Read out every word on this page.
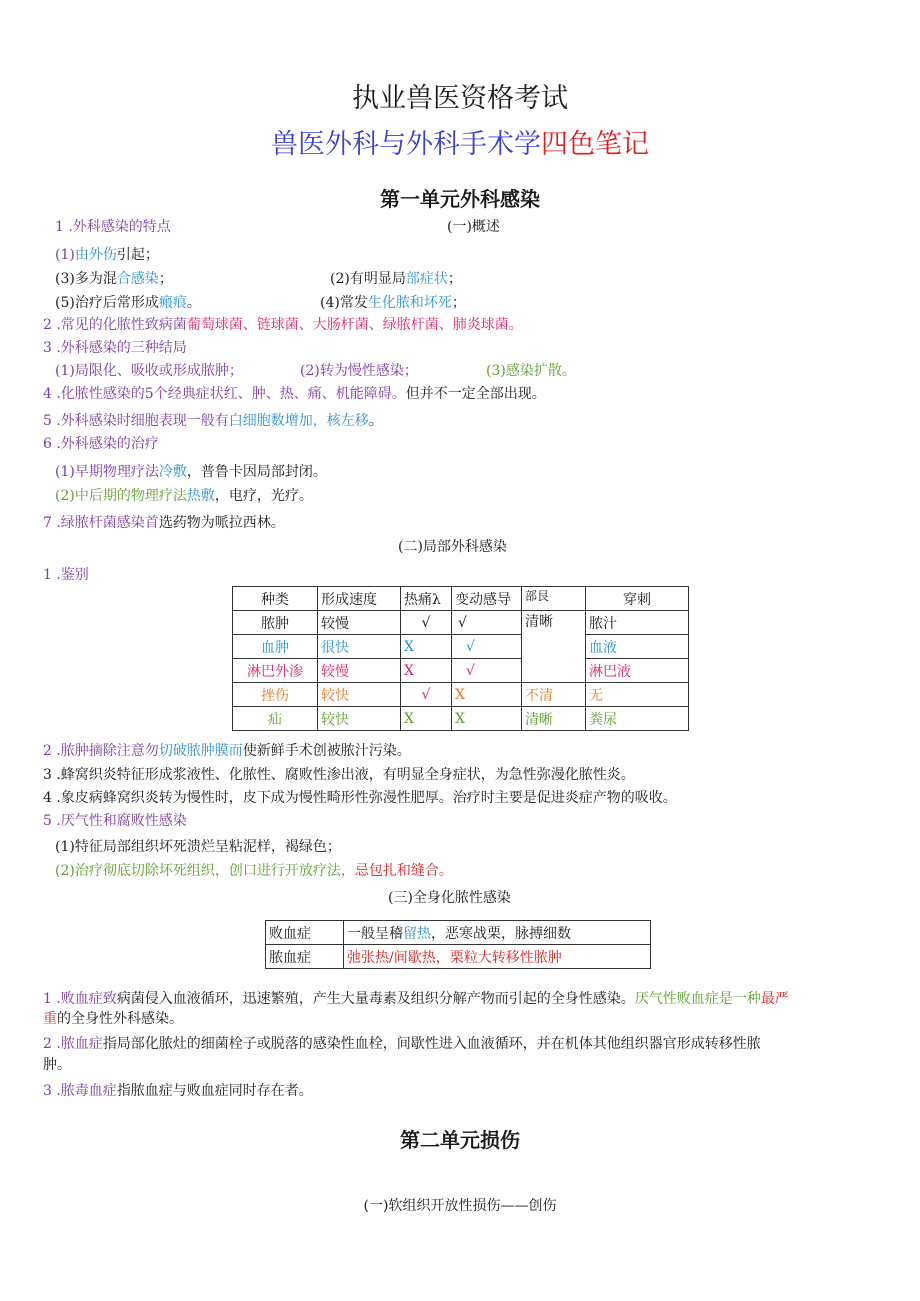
执业兽医资格考试
兽医外科与外科手术学四色笔记
第一单元外科感染
(一)概述
1 .外科感染的特点
(1)由外伤引起；
(3)多为混合感染；	(2)有明显局部症状；
(5)治疗后常形成瘢痕。	(4)常发生化脓和坏死；
2 .常见的化脓性致病菌葡萄球菌、链球菌、大肠杆菌、绿脓杆菌、肺炎球菌。
3 .外科感染的三种结局
(1)局限化、吸收或形成脓肿；	(2)转为慢性感染；	(3)感染扩散。
4 .化脓性感染的5个经典症状红、肿、热、痛、机能障碍。但并不一定全部出现。
5 .外科感染时细胞表现一般有白细胞数增加，核左移。
6 .外科感染的治疗
(1)早期物理疗法冷敷，普鲁卡因局部封闭。
(2)中后期的物理疗法热敷，电疗，光疗。
7 .绿脓杆菌感染首选药物为哌拉西林。
(二)局部外科感染
1 .鉴别
种类	形成速度	热痛λ	变动感导	部艮	穿刺
脓肿	较慢	√	√	清晰	脓汁
血肿	很快	X	√		血液
淋巴外渗	较慢	X	√		淋巴液
挫伤	较快	√	X	不清	无
疝	较快	X	X	清晰	粪尿
2 .脓肿摘除注意勿切破脓肿膜而使新鲜手术创被脓汁污染。
3 .蜂窝织炎特征形成浆液性、化脓性、腐败性渗出液，有明显全身症状，为急性弥漫化脓性炎。
4 .象皮病蜂窝织炎转为慢性时，皮下成为慢性畸形性弥漫性肥厚。治疗时主要是促进炎症产物的吸收。
5 .厌气性和腐败性感染
(1)特征局部组织坏死溃烂呈粘泥样，褐绿色；
(2)治疗彻底切除坏死组织，创口进行开放疗法，忌包扎和缝合。
(三)全身化脓性感染
败血症	一般呈稽留热，恶寒战栗，脉搏细数
脓血症	弛张热/间歇热，栗粒大转移性脓肿
1 .败血症致病菌侵入血液循环，迅速繁殖，产生大量毒素及组织分解产物而引起的全身性感染。厌气性败血症是一种最严
重的全身性外科感染。
2 .脓血症指局部化脓灶的细菌栓子或脱落的感染性血栓，间歇性进入血液循环，并在机体其他组织器官形成转移性脓
肿。
3 .脓毒血症指脓血症与败血症同时存在者。
第二单元损伤
(一)软组织开放性损伤——创伤
